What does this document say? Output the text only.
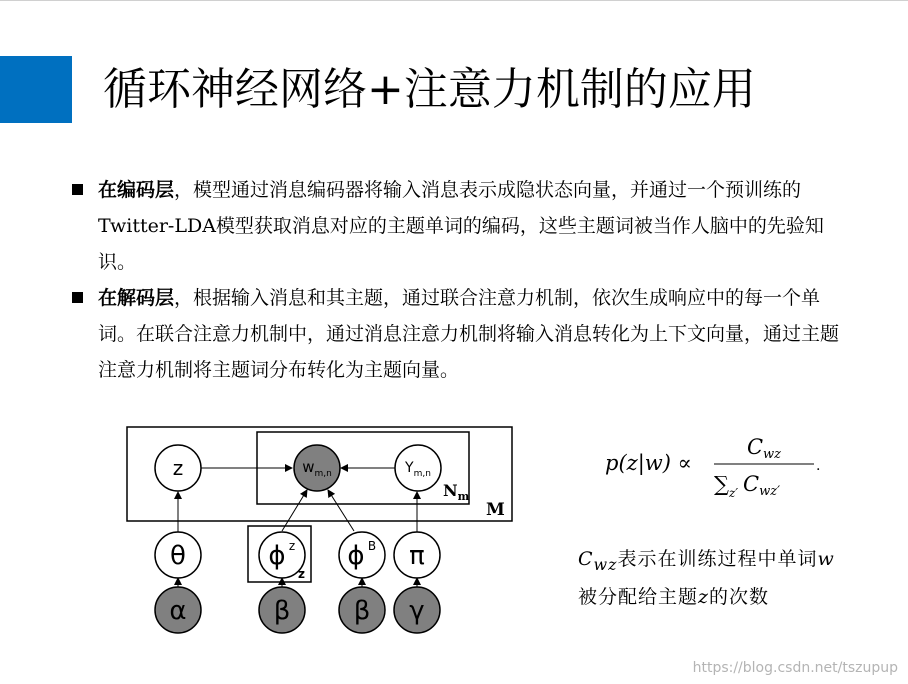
循环神经网络+注意力机制的应用
在编码层，模型通过消息编码器将输入消息表示成隐状态向量，并通过一个预训练的Twitter-LDA模型获取消息对应的主题单词的编码，这些主题词被当作人脑中的先验知识。
在解码层，根据输入消息和其主题，通过联合注意力机制，依次生成响应中的每一个单词。在联合注意力机制中，通过消息注意力机制将输入消息转化为上下文向量，通过主题注意力机制将主题词分布转化为主题向量。
$N_m$
M
z
z	$w_{m,n}$	$Y_{m,n}$
θ	ϕ z ϕ B π
α	β β γ
p(z|w) ∝
Cwz
$\sum_{z'}$ Cwz′
.
$C_{wz}$表示在训练过程中单词w被分配给主题z的次数
https://blog.csdn.net/tszupup
